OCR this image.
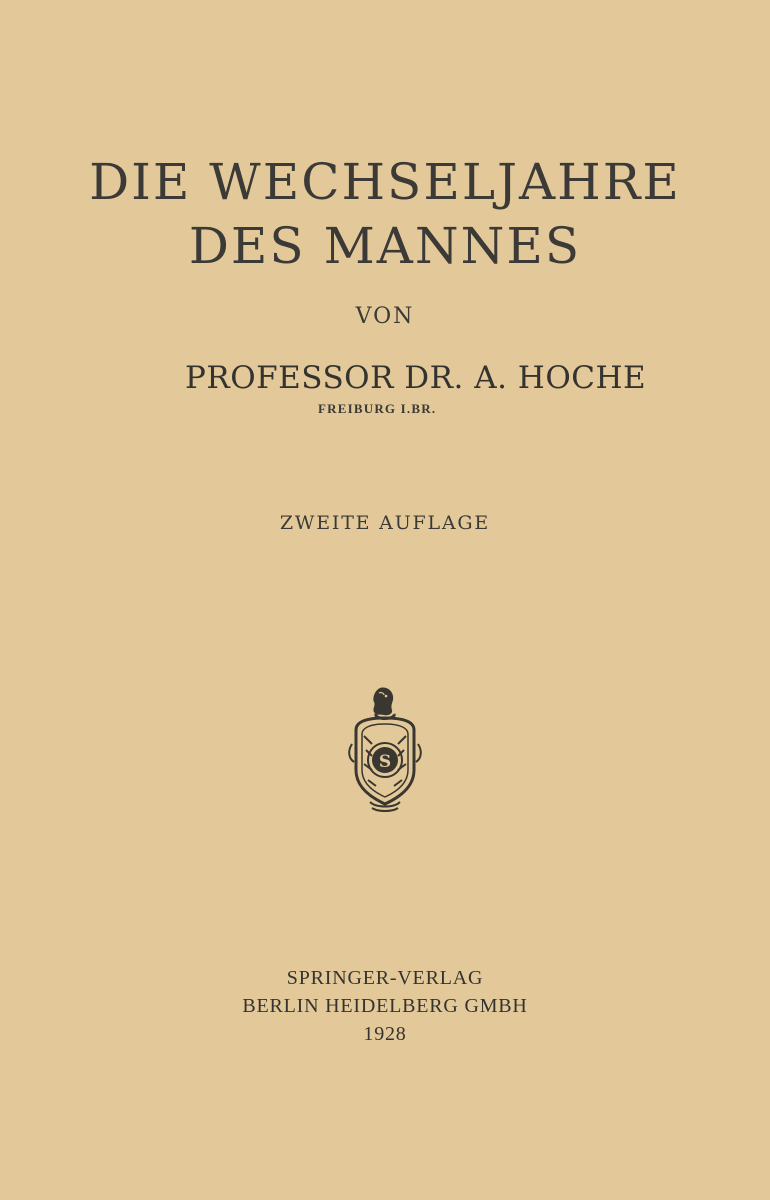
DIE WECHSELJAHRE
DES MANNES
VON
PROFESSOR DR. A. HOCHE
FREIBURG I.BR.
ZWEITE AUFLAGE
S
SPRINGER-VERLAG
BERLIN HEIDELBERG GMBH
1928
